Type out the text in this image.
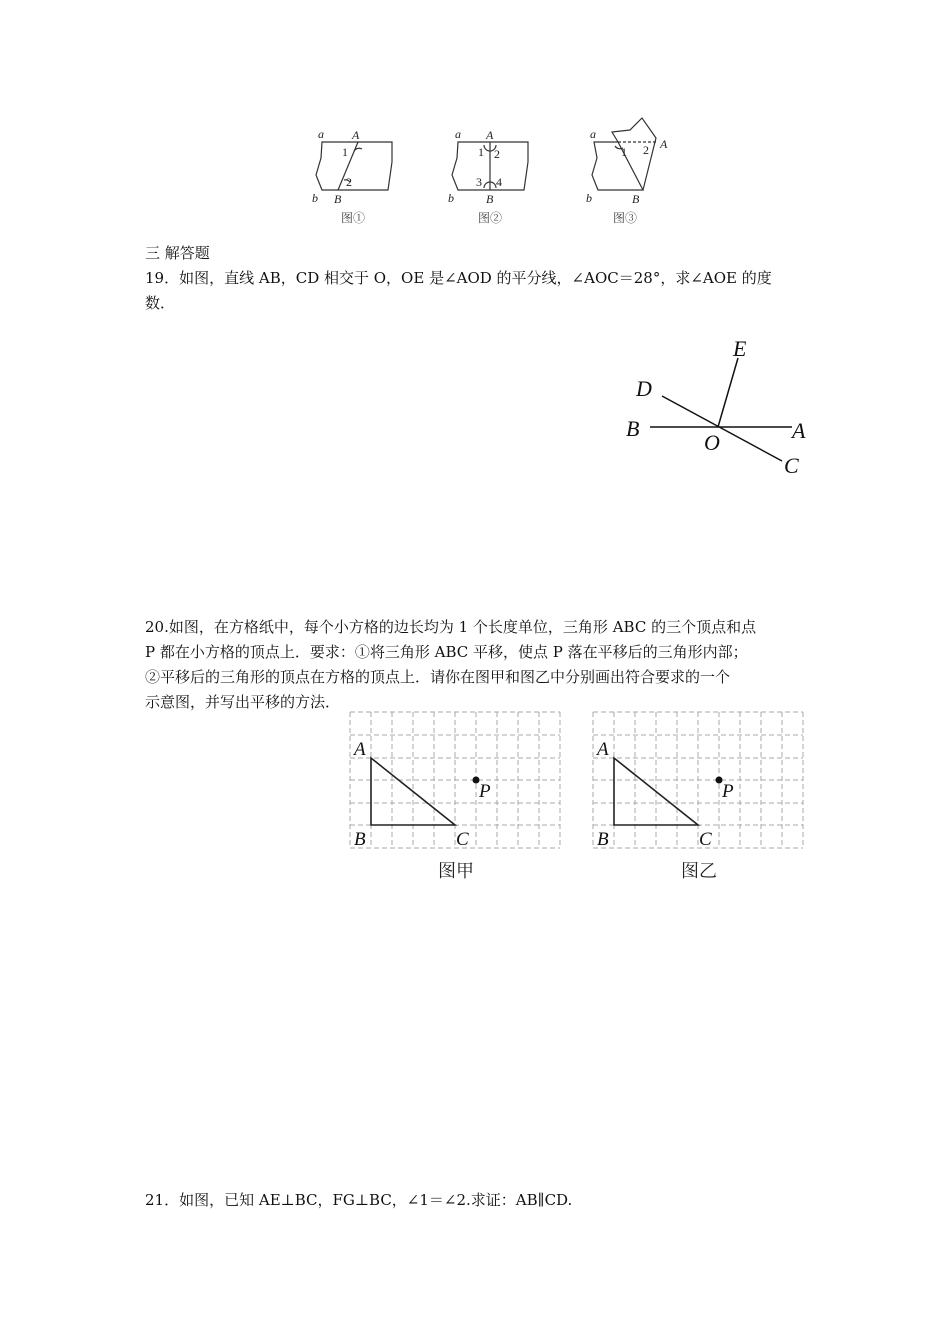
a A
b B
a A
b	B
a
A
b	B
1
2
1 2
3 4
1 2
图①	图②	图③
三 解答题
19．如图，直线 AB，CD 相交于 O，OE 是∠AOD 的平分线，∠AOC＝28°，求∠AOE 的度
数．
E
D
B
O	A
C
20.如图，在方格纸中，每个小方格的边长均为 1 个长度单位，三角形 ABC 的三个顶点和点
P 都在小方格的顶点上．要求：①将三角形 ABC 平移，使点 P 落在平移后的三角形内部；
②平移后的三角形的顶点在方格的顶点上．请你在图甲和图乙中分别画出符合要求的一个
示意图，并写出平移的方法．
A
B	C
P
图甲
A
B	C
P
图乙
21．如图，已知 AE⊥BC，FG⊥BC，∠1＝∠2.求证：AB∥CD.
